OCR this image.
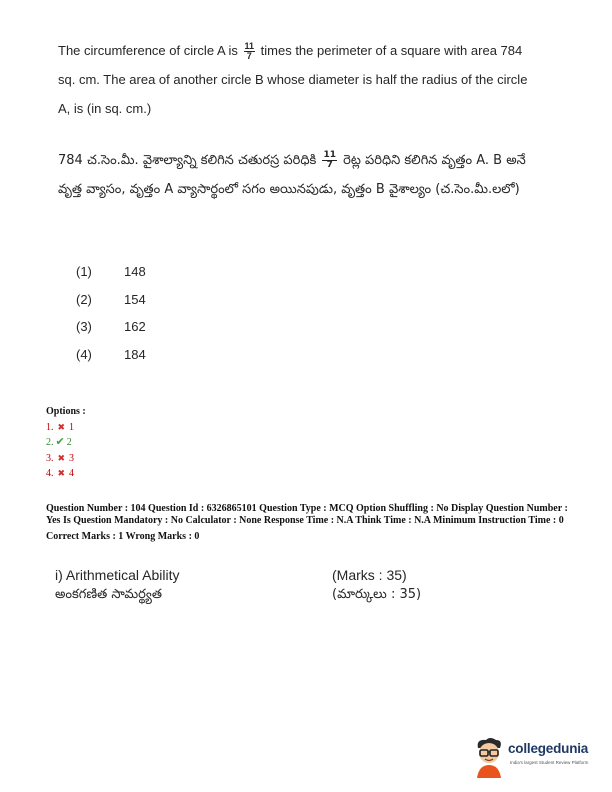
The circumference of circle A is $\frac{11}{7}$ times the perimeter of a square with area 784 sq. cm. The area of another circle B whose diameter is half the radius of the circle A, is (in sq. cm.)
784 చ.సెం.మీ. వైశాల్యాన్ని కలిగిన చతురస్ర పరిధికి $\frac{11}{7}$ రెట్ల పరిధిని కలిగిన వృత్తం A. B అనే వృత్త వ్యాసం, వృత్తం A వ్యాసార్థంలో సగం అయినపుడు, వృత్తం B వైశాల్యం (చ.సెం.మీ.లలో)
(1) 148
(2) 154
(3) 162
(4) 184
Options :
1. ✖ 1
2. ✔ 2
3. ✖ 3
4. ✖ 4
Question Number : 104 Question Id : 6326865101 Question Type : MCQ Option Shuffling : No Display Question Number : Yes Is Question Mandatory : No Calculator : None Response Time : N.A Think Time : N.A Minimum Instruction Time : 0
Correct Marks : 1 Wrong Marks : 0
i) Arithmetical Ability
అంకగణిత సామర్థ్యత
(Marks : 35)
(మార్కులు : 35)
collegedunia
India's largest Student Review Platform
